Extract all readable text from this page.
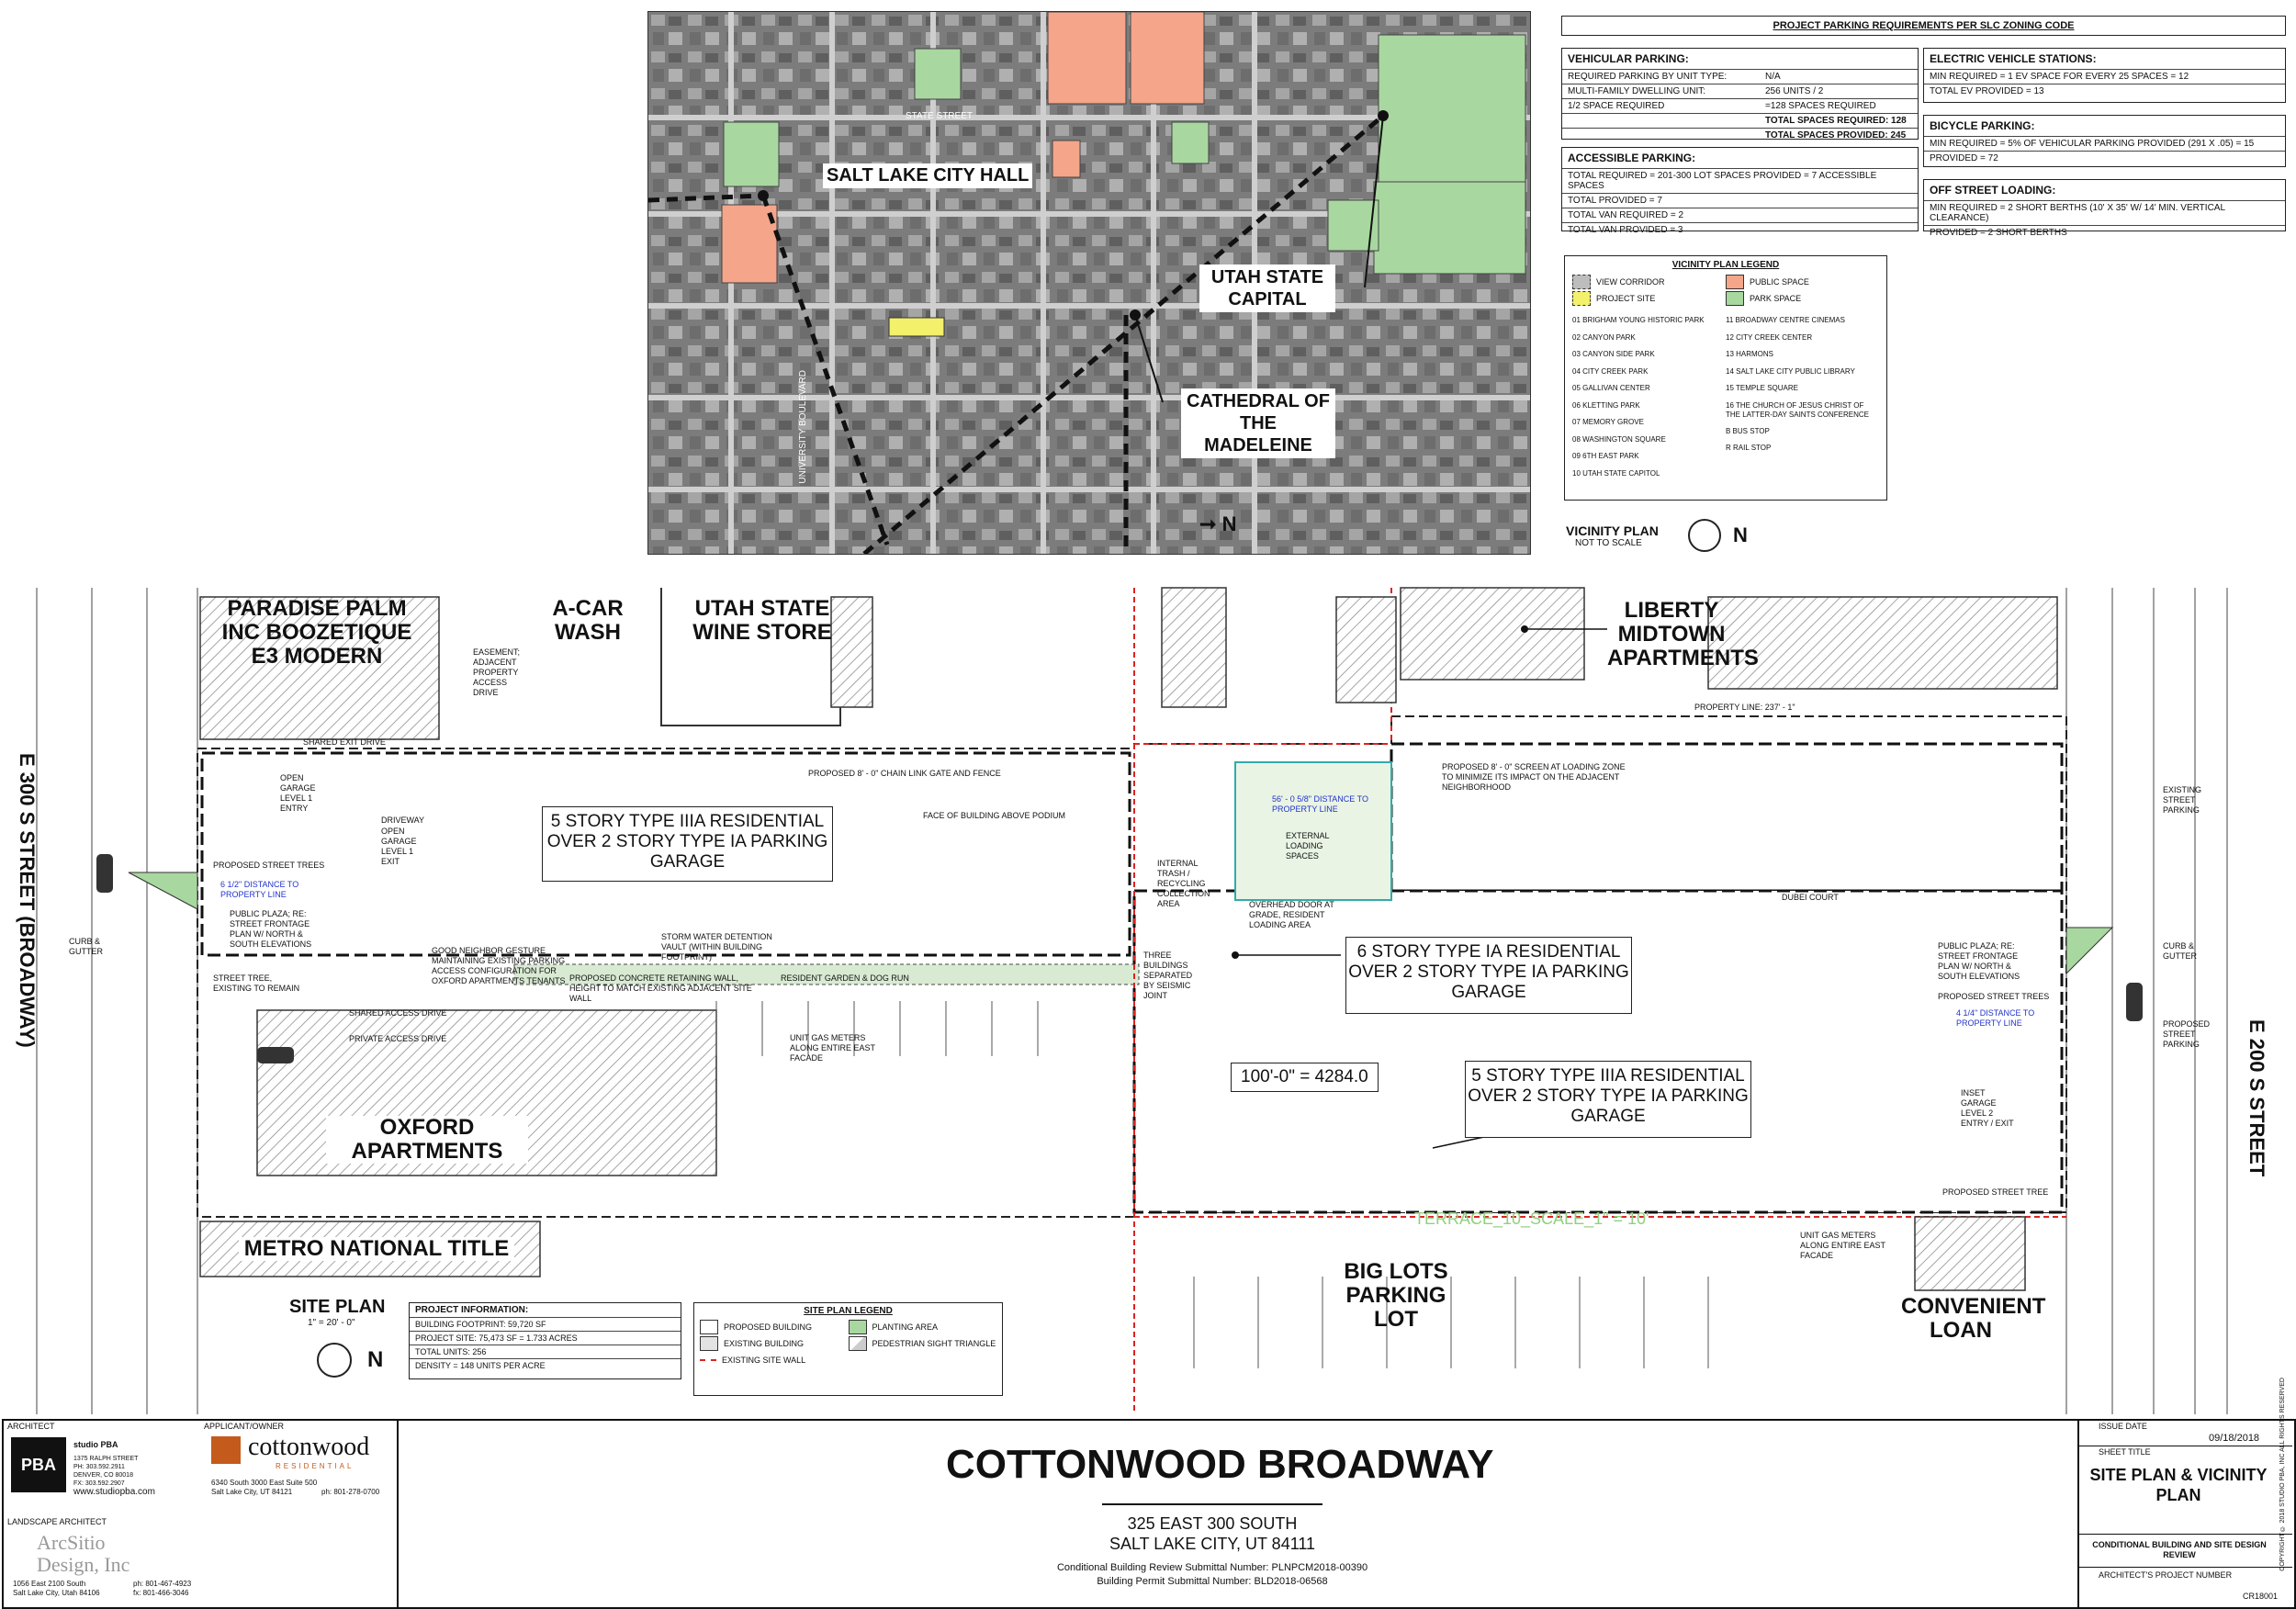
SALT LAKE CITY HALL
UTAH STATE CAPITAL
CATHEDRAL OF THE MADELEINE
STATE STREET
UNIVERSITY BOULEVARD
➞ N
PROJECT PARKING REQUIREMENTS PER SLC ZONING CODE
VEHICULAR PARKING:
REQUIRED PARKING BY UNIT TYPE:	N/A
MULTI-FAMILY DWELLING UNIT:	256 UNITS / 2
1/2 SPACE REQUIRED	=128 SPACES REQUIRED
TOTAL SPACES REQUIRED: 128
TOTAL SPACES PROVIDED: 245
ACCESSIBLE PARKING:
TOTAL REQUIRED = 201-300 LOT SPACES PROVIDED = 7 ACCESSIBLE SPACES
TOTAL PROVIDED = 7
TOTAL VAN REQUIRED = 2
TOTAL VAN PROVIDED = 3
ELECTRIC VEHICLE STATIONS:
MIN REQUIRED = 1 EV SPACE FOR EVERY 25 SPACES = 12
TOTAL EV PROVIDED = 13
BICYCLE PARKING:
MIN REQUIRED = 5% OF VEHICULAR PARKING PROVIDED (291 X .05) = 15
PROVIDED = 72
OFF STREET LOADING:
MIN REQUIRED = 2 SHORT BERTHS (10' X 35' W/ 14' MIN. VERTICAL CLEARANCE)
PROVIDED = 2 SHORT BERTHS
VICINITY PLAN LEGEND
VIEW CORRIDOR
PROJECT SITE
PUBLIC SPACE
PARK SPACE
01 BRIGHAM YOUNG HISTORIC PARK
02 CANYON PARK
03 CANYON SIDE PARK
04 CITY CREEK PARK
05 GALLIVAN CENTER
06 KLETTING PARK
07 MEMORY GROVE
08 WASHINGTON SQUARE
09 6TH EAST PARK
10 UTAH STATE CAPITOL
11 BROADWAY CENTRE CINEMAS
12 CITY CREEK CENTER
13 HARMONS
14 SALT LAKE CITY PUBLIC LIBRARY
15 TEMPLE SQUARE
16 THE CHURCH OF JESUS CHRIST OF THE LATTER-DAY SAINTS CONFERENCE
B BUS STOP
R RAIL STOP
VICINITY PLAN
NOT TO SCALE	N
PARADISE PALM INC BOOZETIQUE E3 MODERN
A-CAR WASH
UTAH STATE WINE STORE
LIBERTY MIDTOWN APARTMENTS
OXFORD APARTMENTS
METRO NATIONAL TITLE
BIG LOTS PARKING LOT
CONVENIENT LOAN
E 300 S STREET (BROADWAY)
E 200 S STREET
5 STORY TYPE IIIA RESIDENTIAL OVER 2 STORY TYPE IA PARKING GARAGE
6 STORY TYPE IA RESIDENTIAL OVER 2 STORY TYPE IA PARKING GARAGE
5 STORY TYPE IIIA RESIDENTIAL OVER 2 STORY TYPE IA PARKING GARAGE
100'-0" = 4284.0
SHARED EXIT DRIVE
PROPOSED 8' - 0" CHAIN LINK GATE AND FENCE
FACE OF BUILDING ABOVE PODIUM
OPEN GARAGE LEVEL 1 ENTRY
OPEN GARAGE LEVEL 1 EXIT
DRIVEWAY
PROPOSED STREET TREES
6 1/2" DISTANCE TO PROPERTY LINE
PUBLIC PLAZA; RE: STREET FRONTAGE PLAN W/ NORTH & SOUTH ELEVATIONS
CURB & GUTTER
STREET TREE, EXISTING TO REMAIN
GOOD NEIGHBOR GESTURE MAINTAINING EXISTING PARKING ACCESS CONFIGURATION FOR OXFORD APARTMENTS TENANTS
STORM WATER DETENTION VAULT (WITHIN BUILDING FOOTPRINT)
PROPOSED CONCRETE RETAINING WALL, HEIGHT TO MATCH EXISTING ADJACENT SITE WALL
RESIDENT GARDEN & DOG RUN
SHARED ACCESS DRIVE
PRIVATE ACCESS DRIVE	UNIT GAS METERS ALONG ENTIRE EAST FACADE
EASEMENT; ADJACENT PROPERTY ACCESS DRIVE
INTERNAL TRASH / RECYCLING COLLECTION AREA	OVERHEAD DOOR AT GRADE, RESIDENT LOADING AREA
EXTERNAL LOADING SPACES
PROPOSED 8' - 0" SCREEN AT LOADING ZONE TO MINIMIZE ITS IMPACT ON THE ADJACENT NEIGHBORHOOD
56' - 0 5/8" DISTANCE TO PROPERTY LINE
THREE BUILDINGS SEPARATED BY SEISMIC JOINT
DUBEI COURT
PROPERTY LINE: 237' - 1"
EXISTING STREET PARKING
PUBLIC PLAZA; RE: STREET FRONTAGE PLAN W/ NORTH & SOUTH ELEVATIONS
PROPOSED STREET TREES
4 1/4" DISTANCE TO PROPERTY LINE
INSET GARAGE LEVEL 2 ENTRY / EXIT
CURB & GUTTER
PROPOSED STREET PARKING
PROPOSED STREET TREE
UNIT GAS METERS ALONG ENTIRE EAST FACADE
TERRACE_10_SCALE_1" = 10'
SITE PLAN
1" = 20' - 0"
N
PROJECT INFORMATION:
BUILDING FOOTPRINT: 59,720 SF
PROJECT SITE: 75,473 SF = 1.733 ACRES
TOTAL UNITS: 256
DENSITY = 148 UNITS PER ACRE
SITE PLAN LEGEND
PROPOSED BUILDING
EXISTING BUILDING
EXISTING SITE WALL
PLANTING AREA
PEDESTRIAN SIGHT TRIANGLE
ARCHITECT
PBA
studio PBA
1375 RALPH STREET
PH: 303.592.2911
DENVER, CO 80018
FX: 303.592.2907
www.studiopba.com
APPLICANT/OWNER
cottonwood
RESIDENTIAL
6340 South 3000 East Suite 500
Salt Lake City, UT 84121	ph: 801-278-0700
LANDSCAPE ARCHITECT
ArcSitio Design, Inc
1056 East 2100 South
Salt Lake City, Utah 84106
ph: 801-467-4923
fx: 801-466-3046
COTTONWOOD BROADWAY
325 EAST 300 SOUTH
SALT LAKE CITY, UT 84111
Conditional Building Review Submittal Number: PLNPCM2018-00390
Building Permit Submittal Number: BLD2018-06568
ISSUE DATE
09/18/2018
SHEET TITLE
SITE PLAN & VICINITY PLAN
CONDITIONAL BUILDING AND SITE DESIGN REVIEW
ARCHITECT'S PROJECT NUMBER
CR18001
COPYRIGHT © 2018 STUDIO PBA, INC ALL RIGHTS RESERVED
